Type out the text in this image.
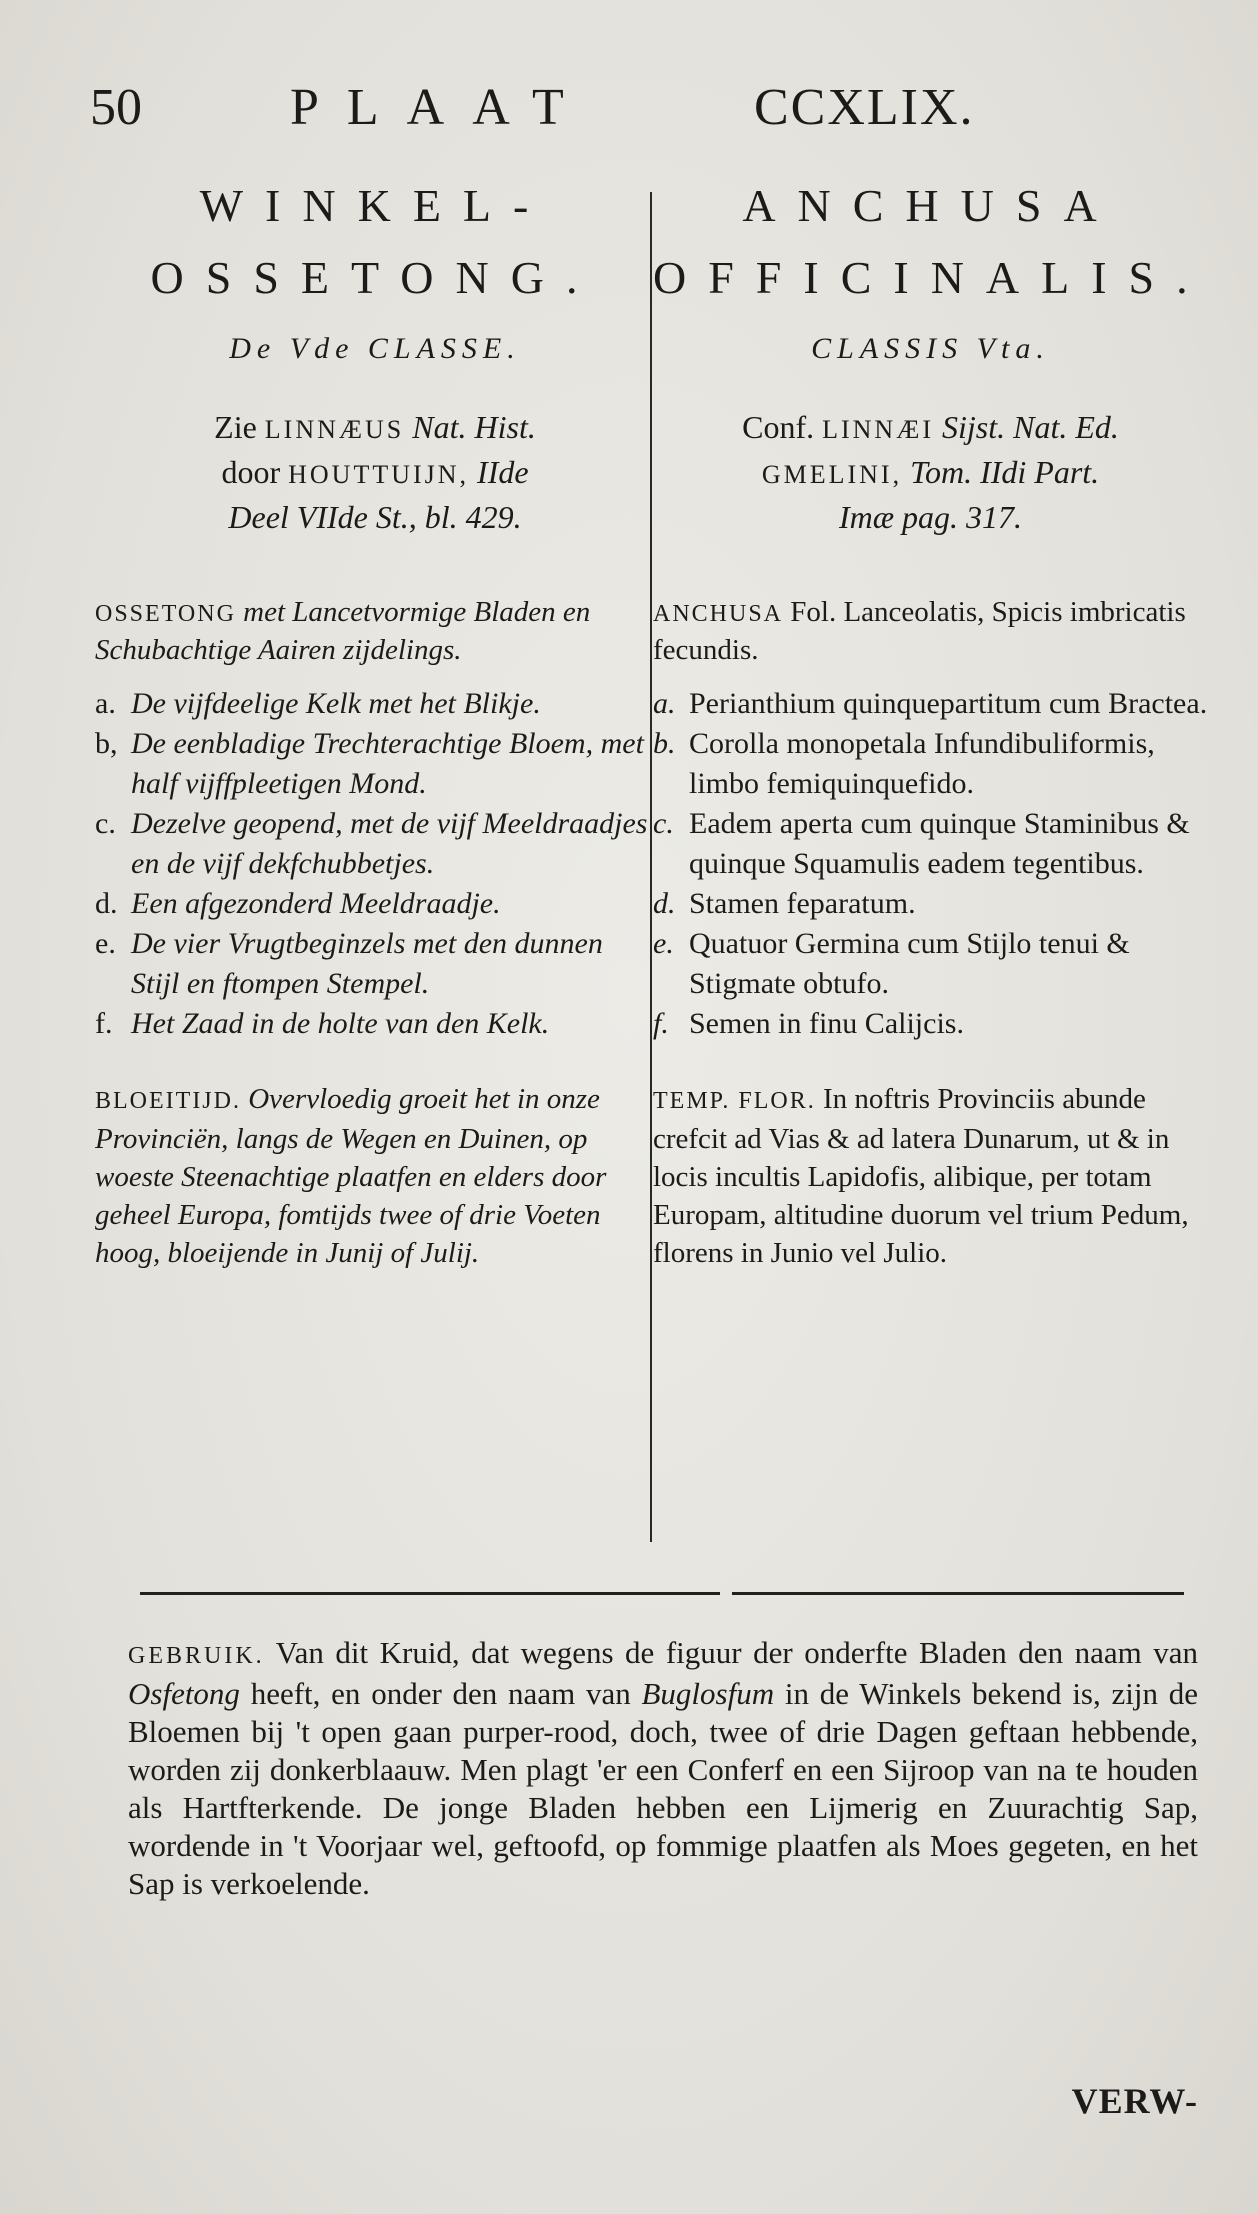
50	PLAAT	CCXLIX.
WINKEL-
OSSETONG.
De Vde CLASSE.
Zie LINNÆUS Nat. Hist.
door HOUTTUIJN, IIde
Deel VIIde St., bl. 429.
OSSETONG met Lancetvormige Bladen en Schubachtige Aairen zijdelings.
a. De vijfdeelige Kelk met het Blikje.
b, De eenbladige Trechterachtige Bloem, met half vijffpleetigen Mond.
c. Dezelve geopend, met de vijf Meeldraadjes en de vijf dekfchubbetjes.
d. Een afgezonderd Meeldraadje.
e. De vier Vrugtbeginzels met den dunnen Stijl en ftompen Stempel.
f. Het Zaad in de holte van den Kelk.
BLOEITIJD. Overvloedig groeit het in onze Provinciën, langs de Wegen en Duinen, op woeste Steenachtige plaatfen en elders door geheel Europa, fomtijds twee of drie Voeten hoog, bloeijende in Junij of Julij.
ANCHUSA
OFFICINALIS.
CLASSIS Vta.
Conf. LINNÆI Sijst. Nat. Ed.
GMELINI, Tom. IIdi Part.
Imæ pag. 317.
ANCHUSA Fol. Lanceolatis, Spicis imbricatis fecundis.
a. Perianthium quinquepartitum cum Bractea.
b. Corolla monopetala Infundibuliformis, limbo femiquinquefido.
c. Eadem aperta cum quinque Staminibus & quinque Squamulis eadem tegentibus.
d. Stamen feparatum.
e. Quatuor Germina cum Stijlo tenui & Stigmate obtufo.
f. Semen in finu Calijcis.
TEMP. FLOR. In noftris Provinciis abunde crefcit ad Vias & ad latera Dunarum, ut & in locis incultis Lapidofis, alibique, per totam Europam, altitudine duorum vel trium Pedum, florens in Junio vel Julio.
GEBRUIK. Van dit Kruid, dat wegens de figuur der onderfte Bladen den naam van Osfetong heeft, en onder den naam van Buglosfum in de Winkels bekend is, zijn de Bloemen bij 't open gaan purper-rood, doch, twee of drie Dagen geftaan hebbende, worden zij donkerblaauw. Men plagt 'er een Conferf en een Sijroop van na te houden als Hartfterkende. De jonge Bladen hebben een Lijmerig en Zuurachtig Sap, wordende in 't Voorjaar wel, geftoofd, op fommige plaatfen als Moes gegeten, en het Sap is verkoelende.
VERW-
